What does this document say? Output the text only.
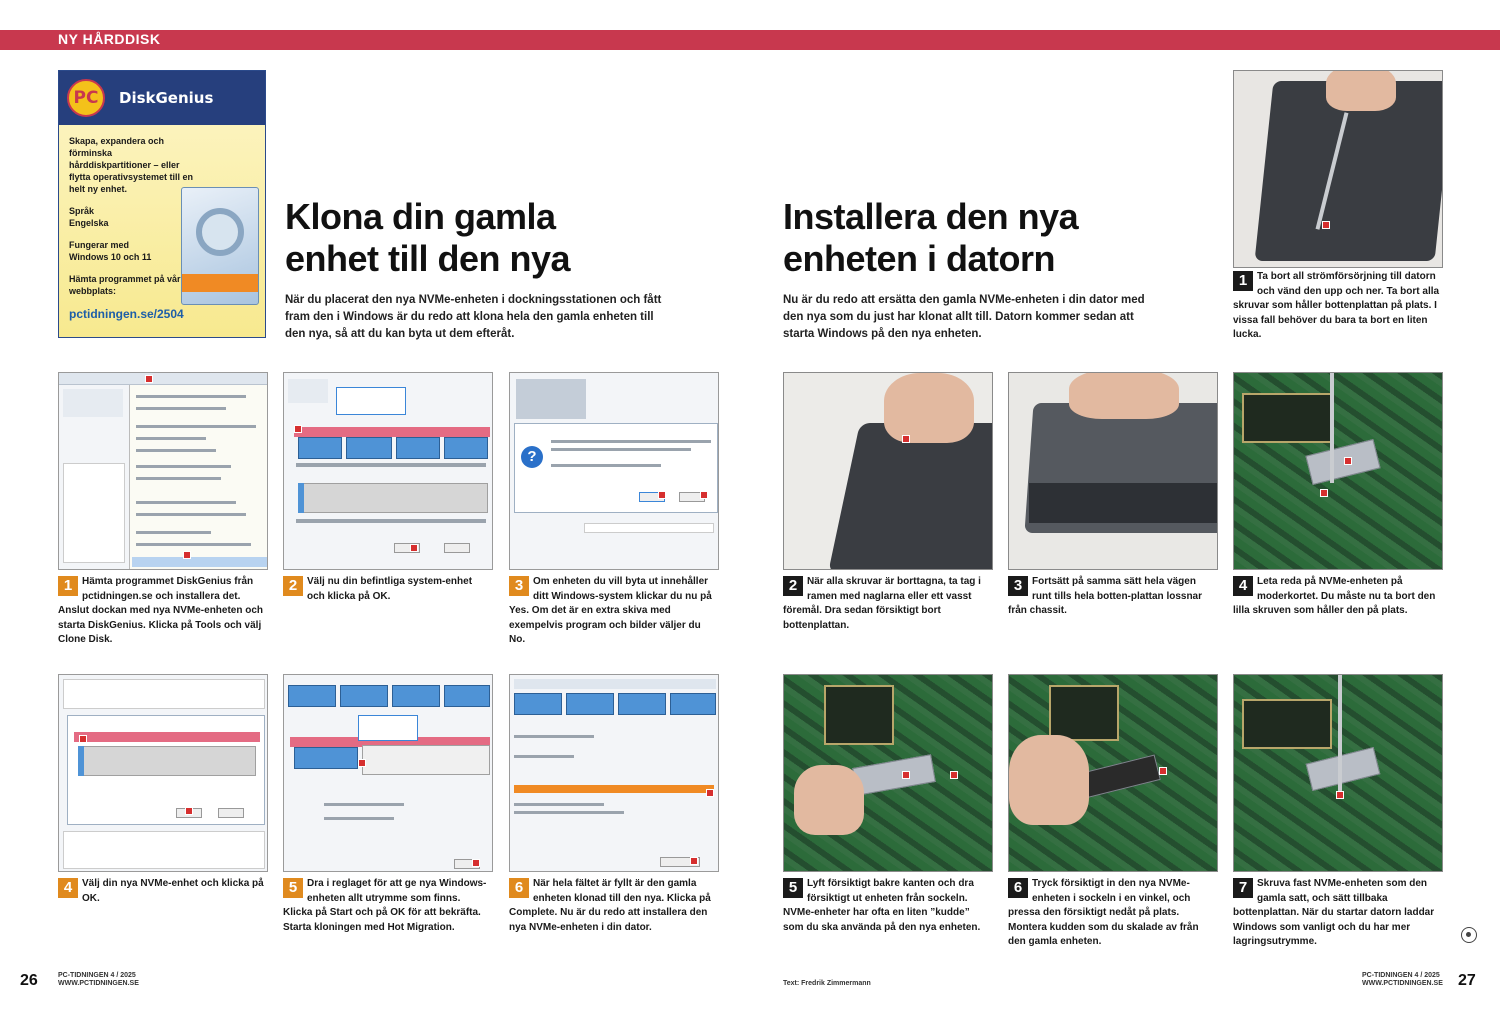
NY HÅRDDISK
PC	DiskGenius

Skapa, expandera och förminska hårddiskpartitioner – eller flytta operativsystemet till en helt ny enhet.

Språk
Engelska

Fungerar med
Windows 10 och 11

Hämta programmet på vår webbplats:

pctidningen.se/2504
Klona din gamla
enhet till den nya
När du placerat den nya NVMe-enheten i dockningsstationen och fått fram den i Windows är du redo att klona hela den gamla enheten till den nya, så att du kan byta ut dem efteråt.
Installera den nya
enheten i datorn
Nu är du redo att ersätta den gamla NVMe-enheten i din dator med den nya som du just har klonat allt till. Datorn kommer sedan att starta Windows på den nya enheten.
?
1 Hämta programmet DiskGenius från pctidningen.se och installera det. Anslut dockan med nya NVMe-enheten och starta DiskGenius. Klicka på Tools och välj Clone Disk.
2 Välj nu din befintliga system-enhet och klicka på OK.
3 Om enheten du vill byta ut innehåller ditt Windows-system klickar du nu på Yes. Om det är en extra skiva med exempelvis program och bilder väljer du No.
4 Välj din nya NVMe-enhet och klicka på OK.
5 Dra i reglaget för att ge nya Windows-enheten allt utrymme som finns. Klicka på Start och på OK för att bekräfta. Starta kloningen med Hot Migration.
6 När hela fältet är fyllt är den gamla enheten klonad till den nya. Klicka på Complete. Nu är du redo att installera den nya NVMe-enheten i din dator.
1 Ta bort all strömförsörjning till datorn och vänd den upp och ner. Ta bort alla skruvar som håller bottenplattan på plats. I vissa fall behöver du bara ta bort en liten lucka.
2 När alla skruvar är borttagna, ta tag i ramen med naglarna eller ett vasst föremål. Dra sedan försiktigt bort bottenplattan.
3 Fortsätt på samma sätt hela vägen runt tills hela botten-plattan lossnar från chassit.
4 Leta reda på NVMe-enheten på moderkortet. Du måste nu ta bort den lilla skruven som håller den på plats.
5 Lyft försiktigt bakre kanten och dra försiktigt ut enheten från sockeln. NVMe-enheter har ofta en liten ”kudde” som du ska använda på den nya enheten.
6 Tryck försiktigt in den nya NVMe-enheten i sockeln i en vinkel, och pressa den försiktigt nedåt på plats. Montera kudden som du skalade av från den gamla enheten.
7 Skruva fast NVMe-enheten som den gamla satt, och sätt tillbaka bottenplattan. När du startar datorn laddar Windows som vanligt och du har mer lagringsutrymme.
26	PC-TIDNINGEN 4 / 2025
WWW.PCTIDNINGEN.SE	Text: Fredrik Zimmermann
PC-TIDNINGEN 4 / 2025
WWW.PCTIDNINGEN.SE 27
